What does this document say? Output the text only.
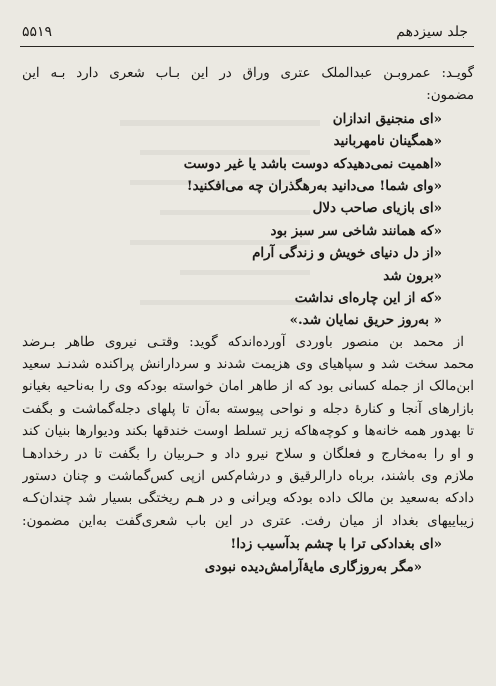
جلد سیزدهم
۵۵۱۹
گویـد: عمروبـن عبدالملک عتری وراق در این بـاب شعری دارد بـه این
مضمون:
«ای منجنیق اندازان
«همگینان نامهربانید
«اهمیت نمی‌دهیدکه دوست باشد یا غیر دوست
«وای شما! می‌دانید به‌رهگذران چه می‌افکنید!
«ای بازیای صاحب دلال
«که همانند شاخی سر سبز بود
«از دل دنیای خویش و زندگی آرام
«برون شد
«که از این چاره‌ای نداشت
« به‌روز حریق نمایان شد.»
از محمد بن منصور باوردی آورده‌اندکه گوید: وقتـی نیروی طاهر بـرضد
محمد سخت شد و سپاهیای وی هزیمت شدند و سردارانش پراکنده شدنـد سعید
ابن‌مالک از جمله کسانی بود که از طاهر امان خواسته بودکه وی را به‌ناحیه بغیانو
بازارهای آنجا و کنارهٔ دجله و نواحی پیوسته به‌آن تا پلهای دجله‌گماشت و بگفت
تا بهدور همه خانه‌ها و کوچه‌هاکه زیر تسلط اوست خندقها بکند ودیوارها بنیان کند
و او را به‌مخارج و فعلگان و سلاح نیرو داد و حـربیان را بگفت تا در رخدادهـا
ملازم وی باشند، برباه دارالرقیق و درشام‌کس ازپی کس‌گماشت و چنان دستور
دادکه به‌سعید بن مالک داده بودکه ویرانی و در هـم ریختگی بسیار شد چندان‌کـه
زیباییهای بغداد از میان رفت. عتری در این باب شعری‌گفت به‌این مضمون:
«ای بغدادکی ترا با چشم بدآسیب زدا!
«مگر به‌روزگاری مایهٔ‌آرامش‌دیده نبودی
